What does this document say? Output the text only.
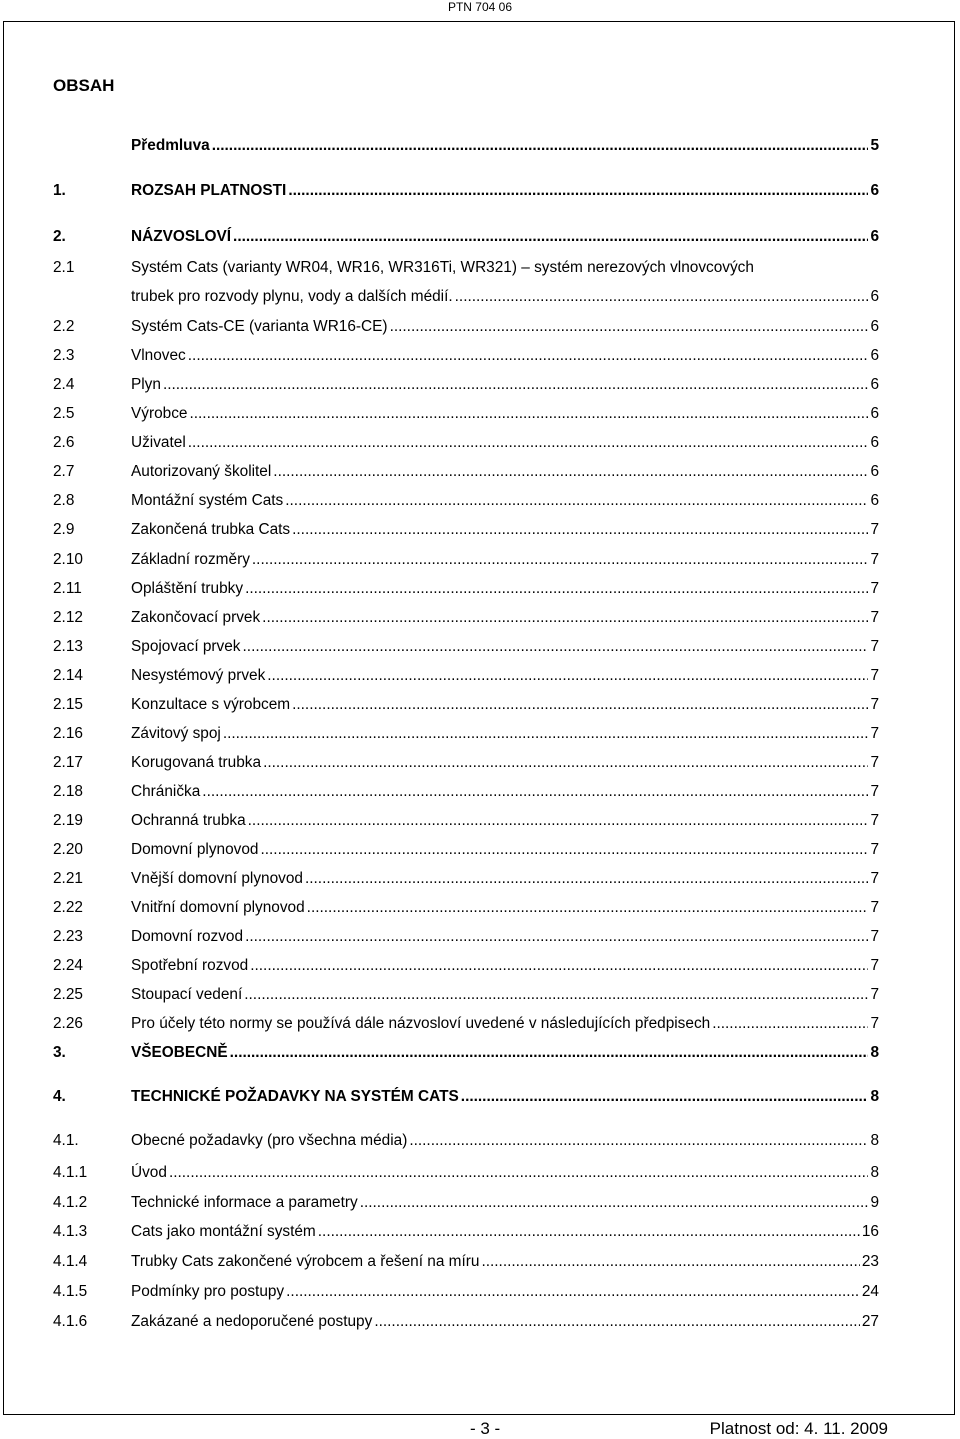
PTN 704 06
OBSAH
Předmluva .....	5
1.	ROZSAH PLATNOSTI .....	6
2.	NÁZVOSLOVÍ .....	6
2.1	Systém Cats (varianty WR04, WR16, WR316Ti, WR321) – systém nerezových vlnovcových
trubek pro rozvody plynu, vody a dalších médií. .....	6
2.2	Systém Cats-CE (varianta WR16-CE) .....	6
2.3	Vlnovec .....	6
2.4	Plyn .....	6
2.5	Výrobce .....	6
2.6	Uživatel .....	6
2.7	Autorizovaný školitel .....	6
2.8	Montážní systém Cats .....	6
2.9	Zakončená trubka Cats .....	7
2.10	Základní rozměry .....	7
2.11	Opláštění trubky .....	7
2.12	Zakončovací prvek .....	7
2.13	Spojovací prvek .....	7
2.14	Nesystémový prvek .....	7
2.15	Konzultace s výrobcem .....	7
2.16	Závitový spoj .....	7
2.17	Korugovaná trubka .....	7
2.18	Chránička .....	7
2.19	Ochranná trubka .....	7
2.20	Domovní plynovod .....	7
2.21	Vnější domovní plynovod .....	7
2.22	Vnitřní domovní plynovod .....	7
2.23	Domovní rozvod .....	7
2.24	Spotřební rozvod .....	7
2.25	Stoupací vedení .....	7
2.26	Pro účely této normy se používá dále názvosloví uvedené v následujících předpisech .....	7
3.	VŠEOBECNĚ .....	8
4.	TECHNICKÉ POŽADAVKY NA SYSTÉM CATS .....	8
4.1.	Obecné požadavky (pro všechna média) .....	8
4.1.1	Úvod .....	8
4.1.2	Technické informace a parametry .....	9
4.1.3	Cats jako montážní systém .....	16
4.1.4	Trubky Cats zakončené výrobcem a řešení na míru .....	23
4.1.5	Podmínky pro postupy .....	24
4.1.6	Zakázané a nedoporučené postupy .....	27
- 3 -	Platnost od: 4. 11. 2009
